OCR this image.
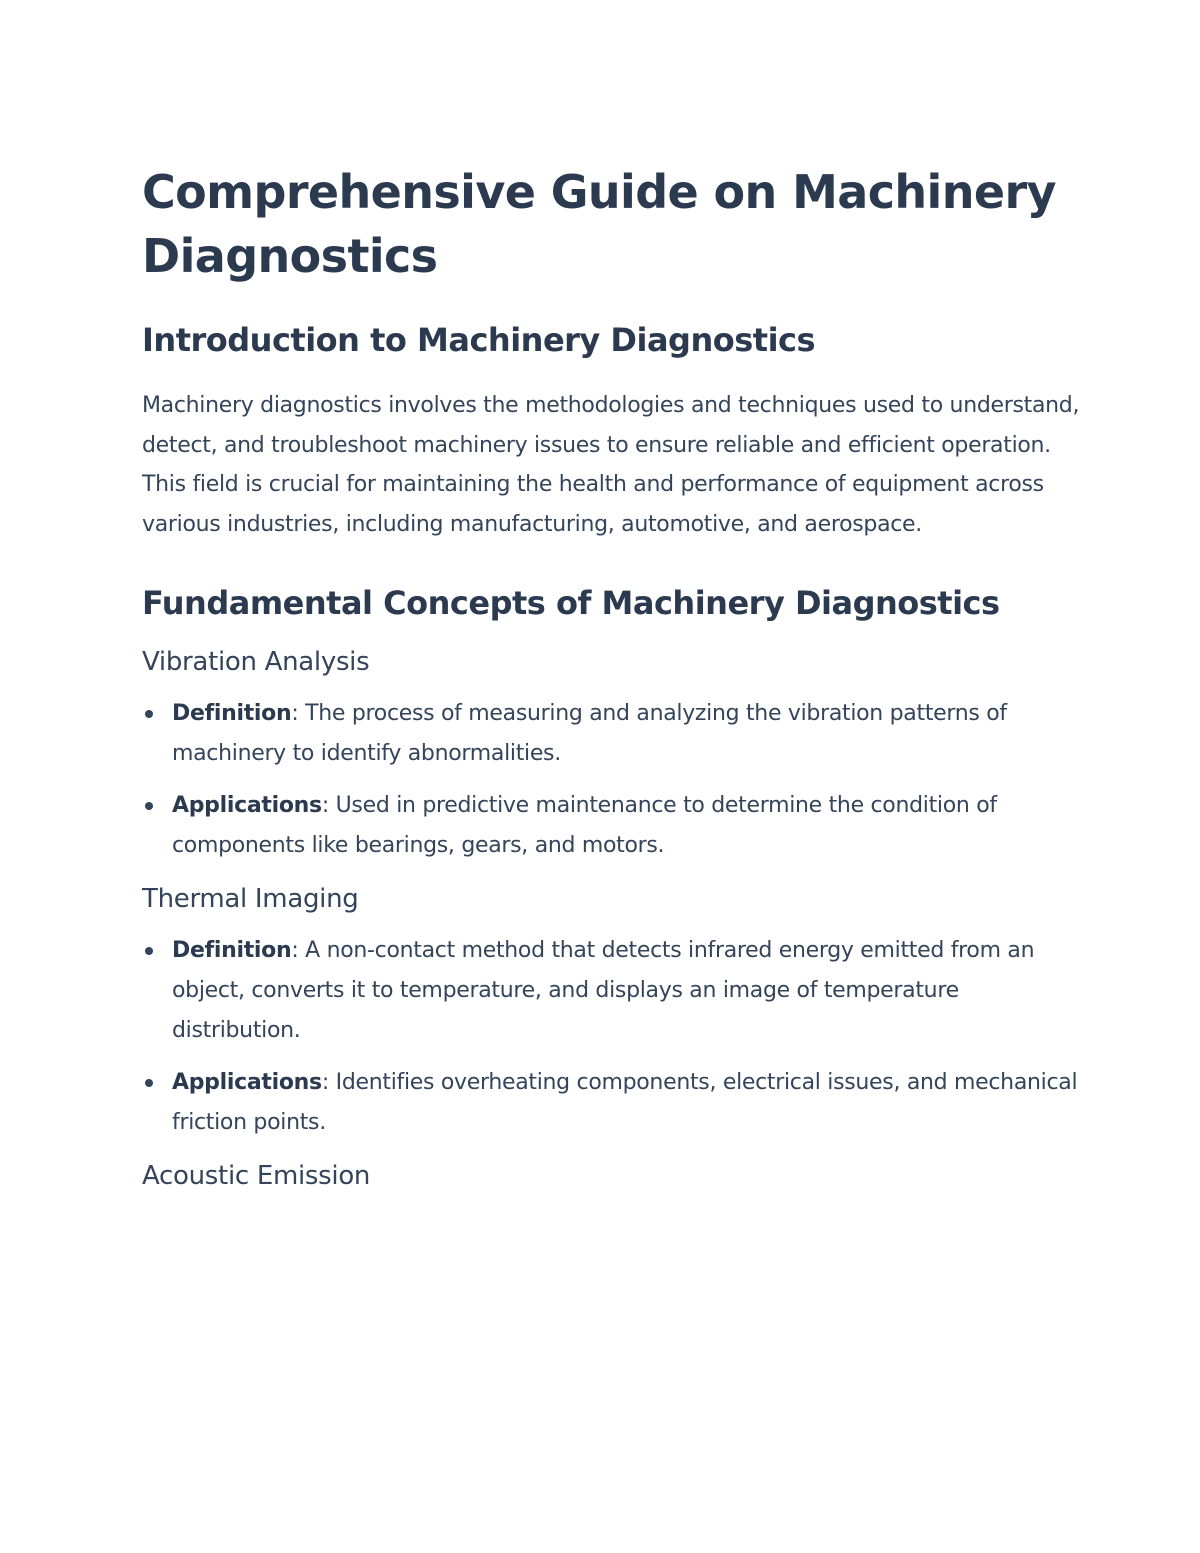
Comprehensive Guide on Machinery Diagnostics
Introduction to Machinery Diagnostics

Machinery diagnostics involves the methodologies and techniques used to understand, detect, and troubleshoot machinery issues to ensure reliable and efficient operation. This field is crucial for maintaining the health and performance of equipment across various industries, including manufacturing, automotive, and aerospace.

Fundamental Concepts of Machinery Diagnostics
Vibration Analysis
Definition: The process of measuring and analyzing the vibration patterns of machinery to identify abnormalities.
Applications: Used in predictive maintenance to determine the condition of components like bearings, gears, and motors.
Thermal Imaging
Definition: A non-contact method that detects infrared energy emitted from an object, converts it to temperature, and displays an image of temperature distribution.
Applications: Identifies overheating components, electrical issues, and mechanical friction points.
Acoustic Emission
